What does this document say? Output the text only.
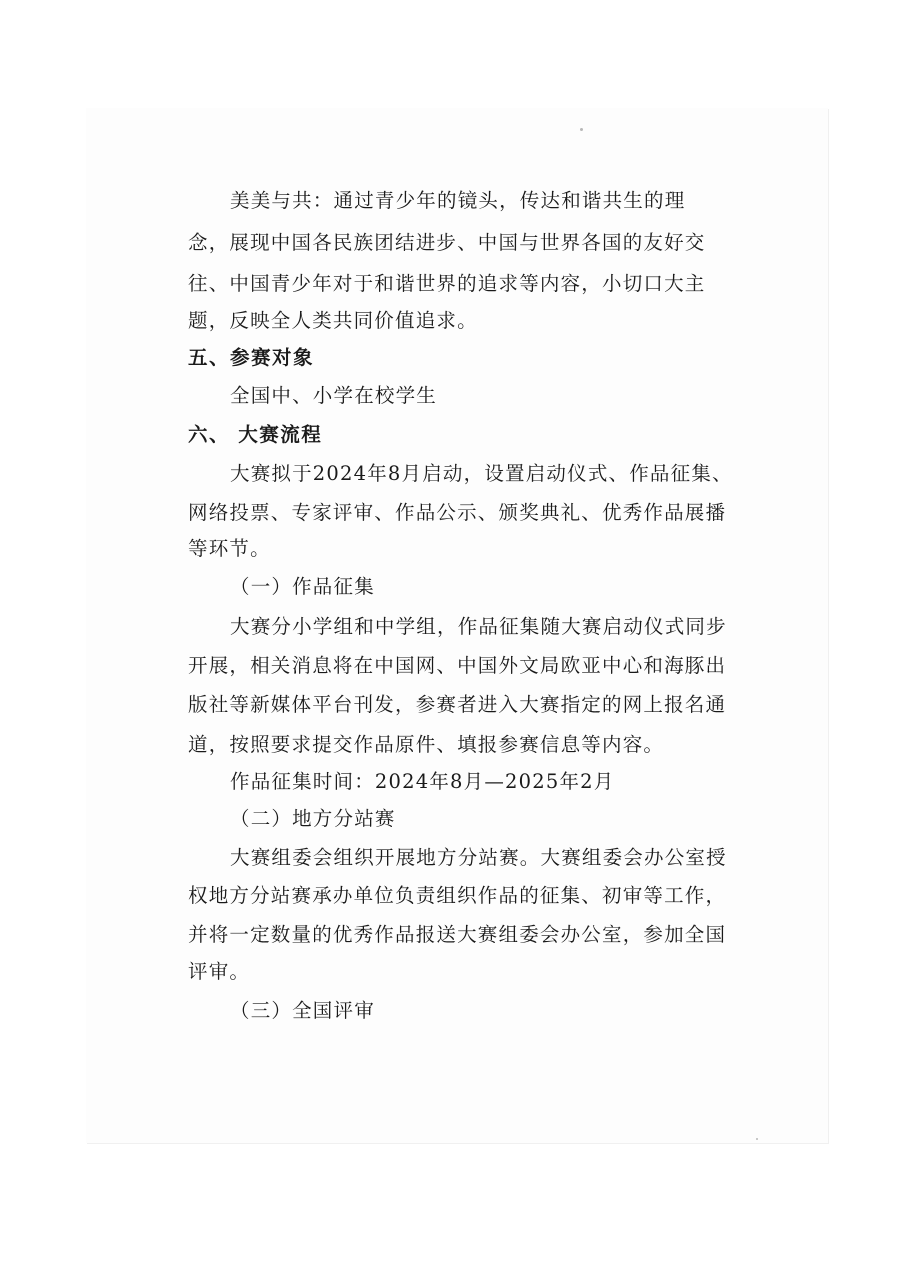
美美与共：通过青少年的镜头，传达和谐共生的理
念，展现中国各民族团结进步、中国与世界各国的友好交
往、中国青少年对于和谐世界的追求等内容，小切口大主
题，反映全人类共同价值追求。
五、参赛对象
全国中、小学在校学生
六、 大赛流程
大赛拟于2024年8月启动，设置启动仪式、作品征集、
网络投票、专家评审、作品公示、颁奖典礼、优秀作品展播
等环节。
（一）作品征集
大赛分小学组和中学组，作品征集随大赛启动仪式同步
开展，相关消息将在中国网、中国外文局欧亚中心和海豚出
版社等新媒体平台刊发，参赛者进入大赛指定的网上报名通
道，按照要求提交作品原件、填报参赛信息等内容。
作品征集时间：2024年8月—2025年2月
（二）地方分站赛
大赛组委会组织开展地方分站赛。大赛组委会办公室授
权地方分站赛承办单位负责组织作品的征集、初审等工作，
并将一定数量的优秀作品报送大赛组委会办公室，参加全国
评审。
（三）全国评审
